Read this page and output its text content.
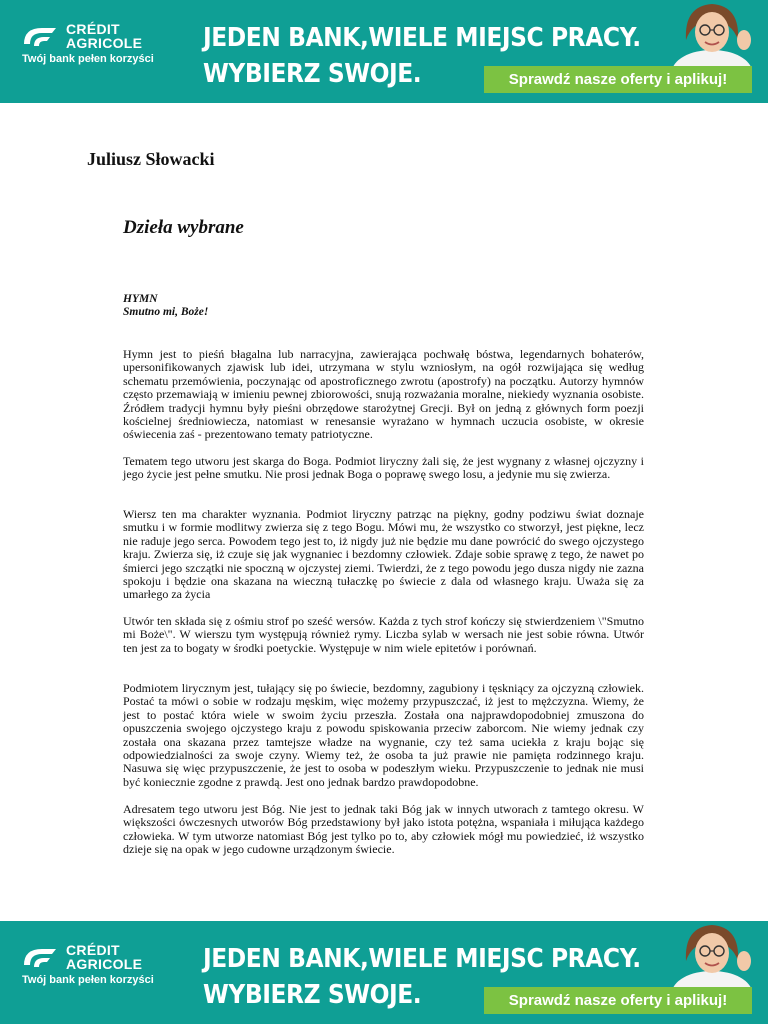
CRÉDIT
AGRICOLE
Twój bank pełen korzyści
JEDEN BANK,WIELE MIEJSC PRACY.
WYBIERZ SWOJE.	Sprawdź nasze oferty i aplikuj!
Juliusz Słowacki
Dzieła wybrane
HYMN
Smutno mi, Boże!

Hymn jest to pieśń błagalna lub narracyjna, zawierająca pochwałę bóstwa, legendarnych bohaterów, upersonifikowanych zjawisk lub idei, utrzymana w stylu wzniosłym, na ogół rozwijająca się według schematu przemówienia, poczynając od apostroficznego zwrotu (apostrofy) na początku. Autorzy hymnów często przemawiają w imieniu pewnej zbiorowości, snują rozważania moralne, niekiedy wyznania osobiste. Źródłem tradycji hymnu były pieśni obrzędowe starożytnej Grecji. Był on jedną z głównych form poezji kościelnej średniowiecza, natomiast w renesansie wyrażano w hymnach uczucia osobiste, w okresie oświecenia zaś - prezentowano tematy patriotyczne.

Tematem tego utworu jest skarga do Boga. Podmiot liryczny żali się, że jest wygnany z własnej ojczyzny i jego życie jest pełne smutku. Nie prosi jednak Boga o poprawę swego losu, a jedynie mu się zwierza.

Wiersz ten ma charakter wyznania. Podmiot liryczny patrząc na piękny, godny podziwu świat doznaje smutku i w formie modlitwy zwierza się z tego Bogu. Mówi mu, że wszystko co stworzył, jest piękne, lecz nie raduje jego serca. Powodem tego jest to, iż nigdy już nie będzie mu dane powrócić do swego ojczystego kraju. Zwierza się, iż czuje się jak wygnaniec i bezdomny człowiek. Zdaje sobie sprawę z tego, że nawet po śmierci jego szczątki nie spoczną w ojczystej ziemi. Twierdzi, że z tego powodu jego dusza nigdy nie zazna spokoju i będzie ona skazana na wieczną tułaczkę po świecie z dala od własnego kraju. Uważa się za umarłego za życia

Utwór ten składa się z ośmiu strof po sześć wersów. Każda z tych strof kończy się stwierdzeniem \"Smutno mi Boże\". W wierszu tym występują również rymy. Liczba sylab w wersach nie jest sobie równa. Utwór ten jest za to bogaty w środki poetyckie. Występuje w nim wiele epitetów i porównań.

Podmiotem lirycznym jest, tułający się po świecie, bezdomny, zagubiony i tęskniący za ojczyzną człowiek. Postać ta mówi o sobie w rodzaju męskim, więc możemy przypuszczać, iż jest to mężczyzna. Wiemy, że jest to postać która wiele w swoim życiu przeszła. Została ona najprawdopodobniej zmuszona do opuszczenia swojego ojczystego kraju z powodu spiskowania przeciw zaborcom. Nie wiemy jednak czy została ona skazana przez tamtejsze władze na wygnanie, czy też sama uciekła z kraju bojąc się odpowiedzialności za swoje czyny. Wiemy też, że osoba ta już prawie nie pamięta rodzinnego kraju. Nasuwa się więc przypuszczenie, że jest to osoba w podeszłym wieku. Przypuszczenie to jednak nie musi być koniecznie zgodne z prawdą. Jest ono jednak bardzo prawdopodobne.

Adresatem tego utworu jest Bóg. Nie jest to jednak taki Bóg jak w innych utworach z tamtego okresu. W większości ówczesnych utworów Bóg przedstawiony był jako istota potężna, wspaniała i miłująca każdego człowieka. W tym utworze natomiast Bóg jest tylko po to, aby człowiek mógł mu powiedzieć, iż wszystko dzieje się na opak w jego cudowne urządzonym świecie.

CRÉDIT
AGRICOLE
Twój bank pełen korzyści
JEDEN BANK,WIELE MIEJSC PRACY.
WYBIERZ SWOJE.	Sprawdź nasze oferty i aplikuj!
